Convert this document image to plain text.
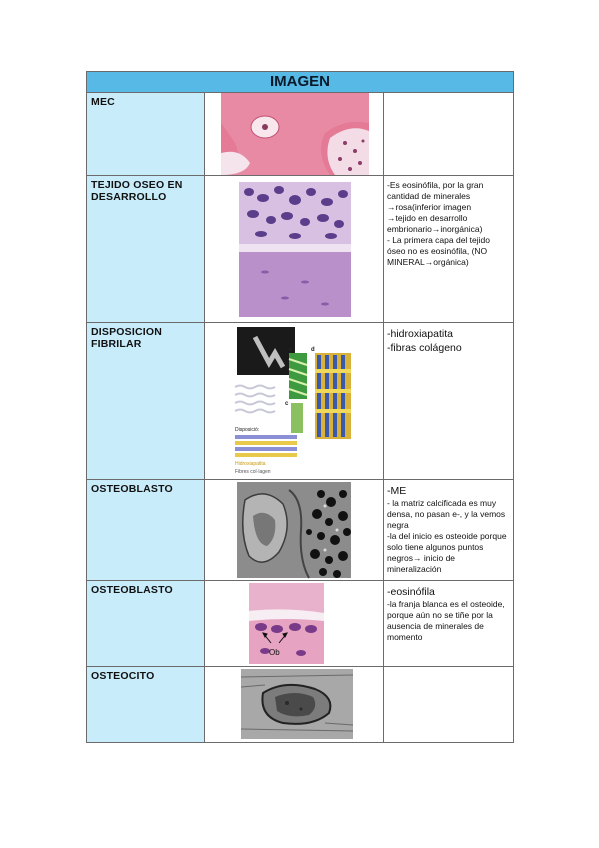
IMAGEN
MEC
TEJIDO OSEO EN DESARROLLO
-Es eosinófila, por la gran cantidad de minerales
→rosa(inferior imagen
→tejido en desarrollo embrionario→inorgánica)
- La primera capa del tejido óseo no es eosinófila, (NO MINERAL→orgánica)
DISPOSICION FIBRILAR
Disposició:
Hidroxiapatita
Fibres col·lagen
e	d
c
-hidroxiapatita
-fibras colágeno
OSTEOBLASTO	-ME
- la matriz calcificada es muy densa, no pasan e-, y la vemos negra
-la del inicio es osteoide porque solo tiene algunos puntos negros→ inicio de mineralización
OSTEOBLASTO
Ob
-eosinófila
-la franja blanca es el osteoide, porque aún no se tiñe por la ausencia de minerales de momento
OSTEOCITO
